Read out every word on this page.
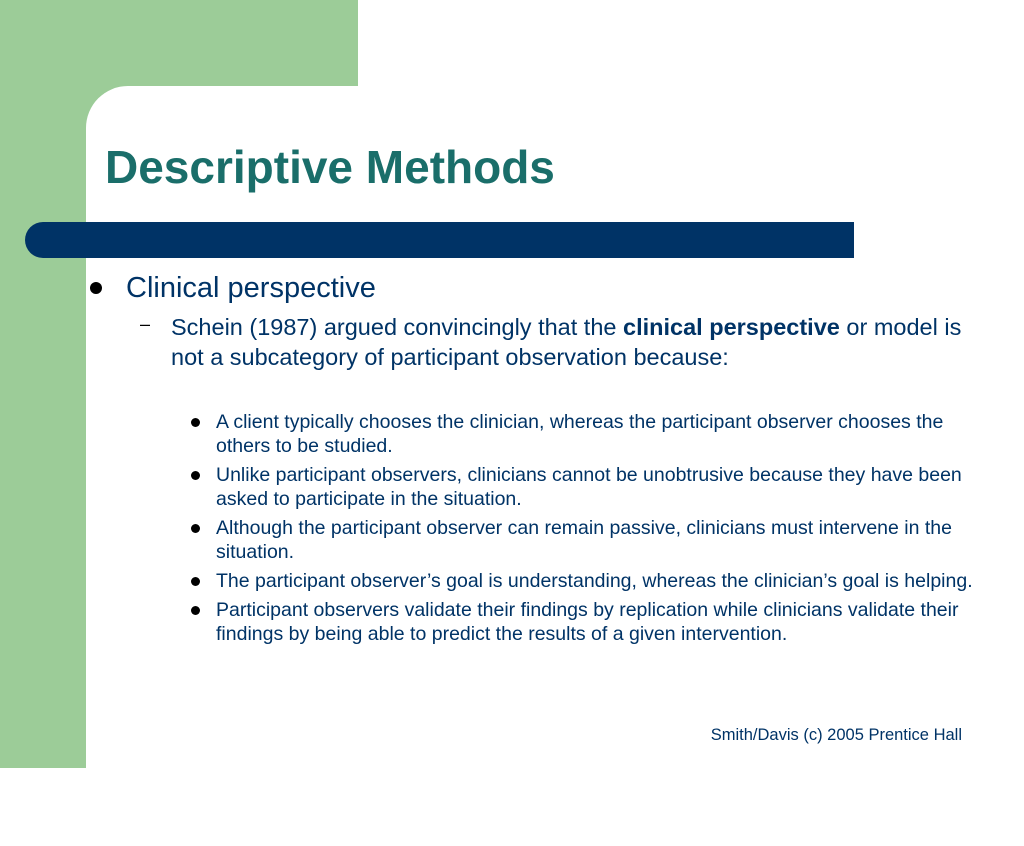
Descriptive Methods
Clinical perspective
– Schein (1987) argued convincingly that the clinical perspective or model is not a subcategory of participant observation because:
A client typically chooses the clinician, whereas the participant observer chooses the others to be studied.
Unlike participant observers, clinicians cannot be unobtrusive because they have been asked to participate in the situation.
Although the participant observer can remain passive, clinicians must intervene in the situation.
The participant observer’s goal is understanding, whereas the clinician’s goal is helping.
Participant observers validate their findings by replication while clinicians validate their findings by being able to predict the results of a given intervention.
Smith/Davis (c) 2005 Prentice Hall
